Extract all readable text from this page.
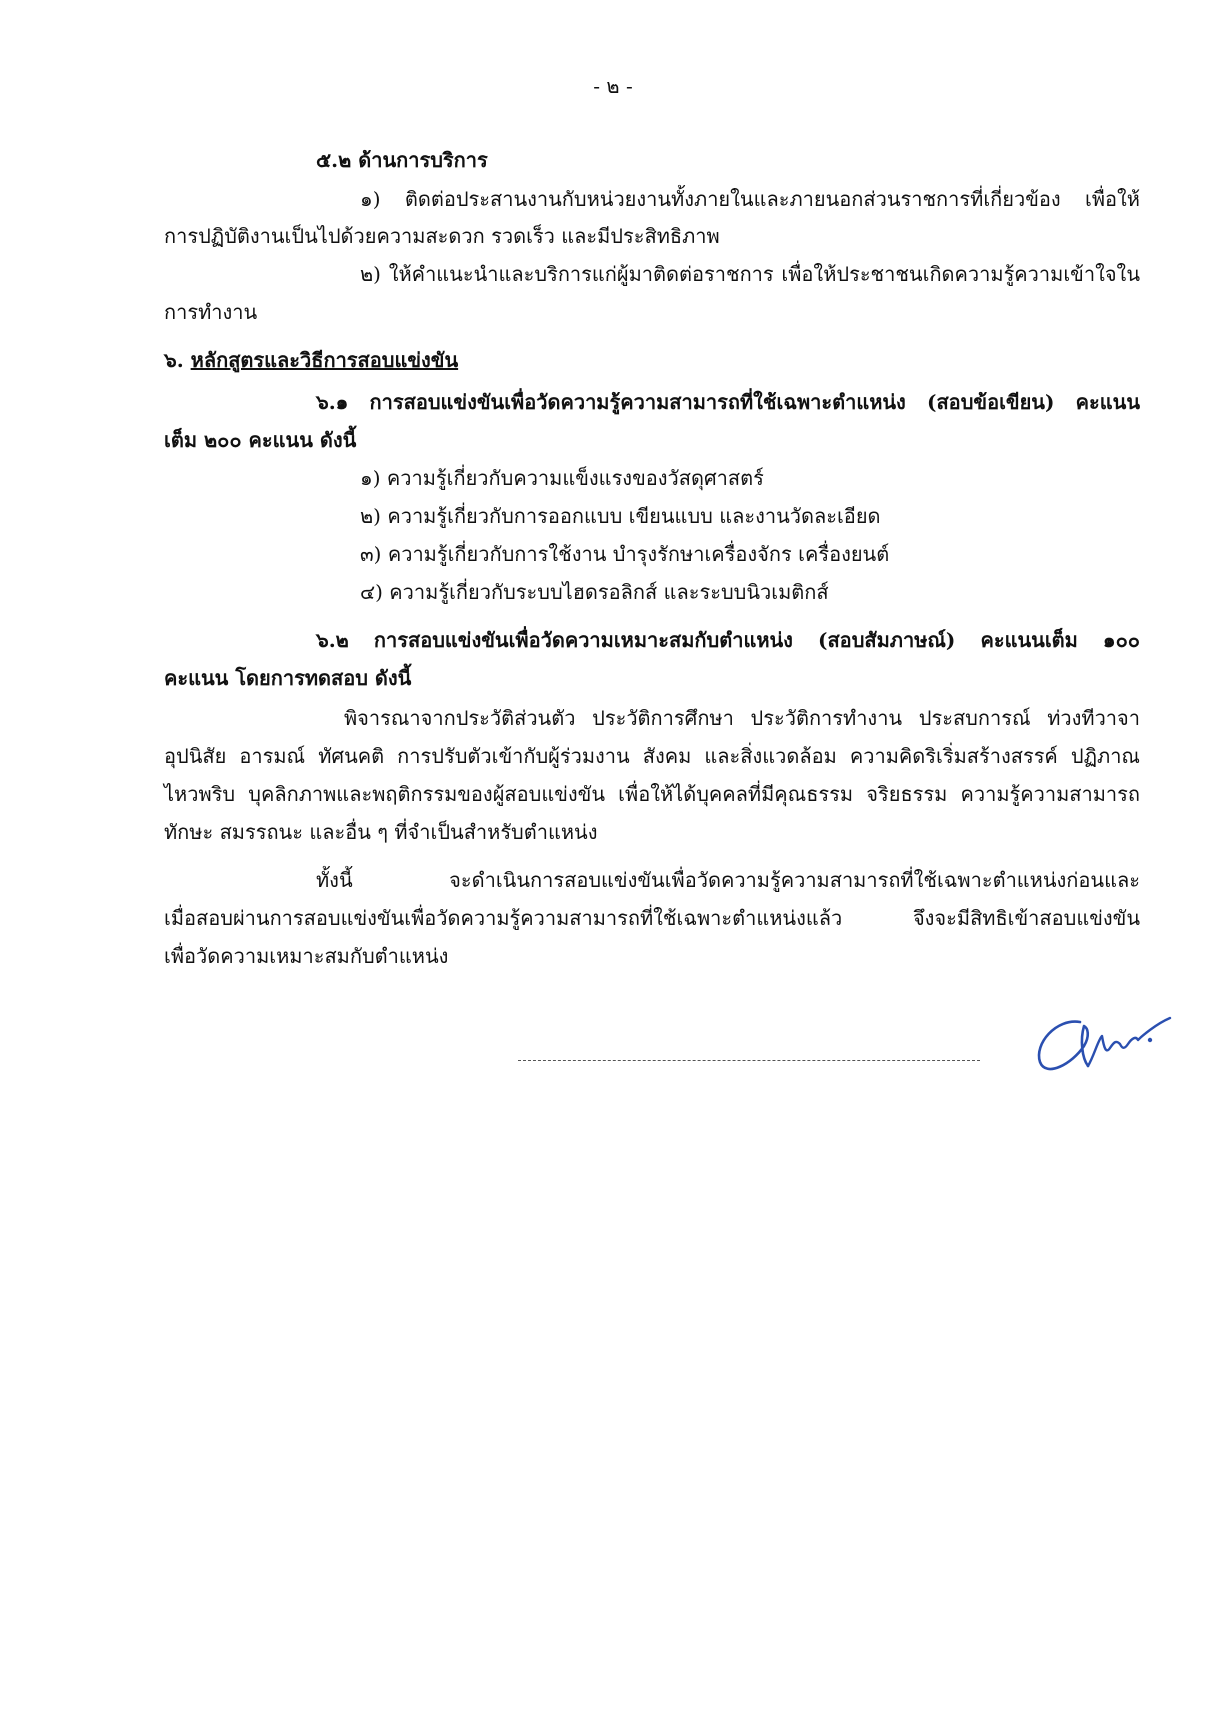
- ๒ -
๕.๒ ด้านการบริการ
๑) ติดต่อประสานงานกับหน่วยงานทั้งภายในและภายนอกส่วนราชการที่เกี่ยวข้อง เพื่อให้
การปฏิบัติงานเป็นไปด้วยความสะดวก รวดเร็ว และมีประสิทธิภาพ
๒) ให้คำแนะนำและบริการแก่ผู้มาติดต่อราชการ เพื่อให้ประชาชนเกิดความรู้ความเข้าใจใน
การทำงาน
๖. หลักสูตรและวิธีการสอบแข่งขัน
๖.๑ การสอบแข่งขันเพื่อวัดความรู้ความสามารถที่ใช้เฉพาะตำแหน่ง (สอบข้อเขียน) คะแนน
เต็ม ๒๐๐ คะแนน ดังนี้
๑) ความรู้เกี่ยวกับความแข็งแรงของวัสดุศาสตร์
๒) ความรู้เกี่ยวกับการออกแบบ เขียนแบบ และงานวัดละเอียด
๓) ความรู้เกี่ยวกับการใช้งาน บำรุงรักษาเครื่องจักร เครื่องยนต์
๔) ความรู้เกี่ยวกับระบบไฮดรอลิกส์ และระบบนิวเมติกส์
๖.๒ การสอบแข่งขันเพื่อวัดความเหมาะสมกับตำแหน่ง (สอบสัมภาษณ์) คะแนนเต็ม ๑๐๐
คะแนน โดยการทดสอบ ดังนี้
พิจารณาจากประวัติส่วนตัว ประวัติการศึกษา ประวัติการทำงาน ประสบการณ์ ท่วงทีวาจา
อุปนิสัย อารมณ์ ทัศนคติ การปรับตัวเข้ากับผู้ร่วมงาน สังคม และสิ่งแวดล้อม ความคิดริเริ่มสร้างสรรค์ ปฏิภาณ
ไหวพริบ บุคลิกภาพและพฤติกรรมของผู้สอบแข่งขัน เพื่อให้ได้บุคคลที่มีคุณธรรม จริยธรรม ความรู้ความสามารถ
ทักษะ สมรรถนะ และอื่น ๆ ที่จำเป็นสำหรับตำแหน่ง
ทั้งนี้ จะดำเนินการสอบแข่งขันเพื่อวัดความรู้ความสามารถที่ใช้เฉพาะตำแหน่งก่อนและ
เมื่อสอบผ่านการสอบแข่งขันเพื่อวัดความรู้ความสามารถที่ใช้เฉพาะตำแหน่งแล้ว จึงจะมีสิทธิเข้าสอบแข่งขัน
เพื่อวัดความเหมาะสมกับตำแหน่ง
